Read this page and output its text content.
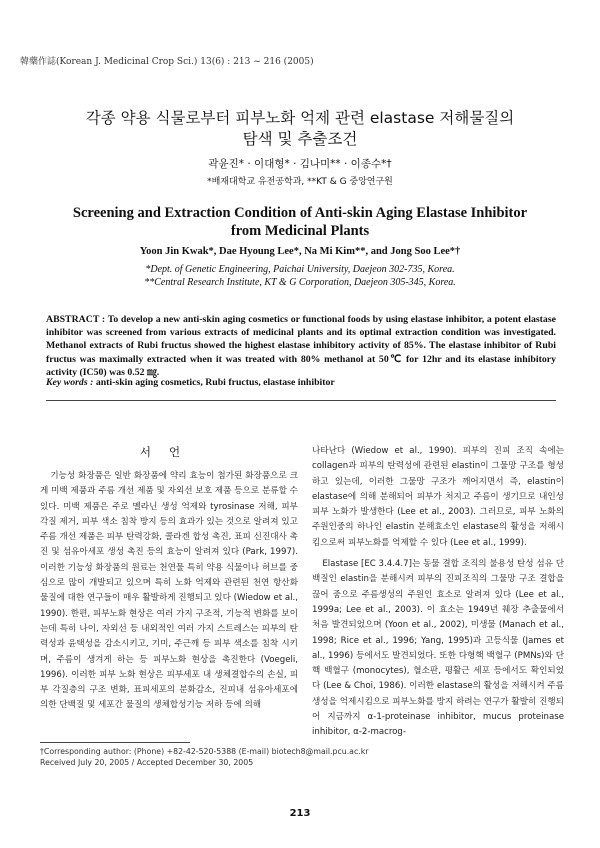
韓藥作誌(Korean J. Medicinal Crop Sci.) 13(6) : 213 ~ 216 (2005)
각종 약용 식물로부터 피부노화 억제 관련 elastase 저해물질의
탐색 및 추출조건
곽윤진* · 이대형* · 김나미** · 이종수*†
*배재대학교 유전공학과, **KT & G 중앙연구원
Screening and Extraction Condition of Anti-skin Aging Elastase Inhibitor
from Medicinal Plants
Yoon Jin Kwak*, Dae Hyoung Lee*, Na Mi Kim**, and Jong Soo Lee*†
*Dept. of Genetic Engineering, Paichai University, Daejeon 302-735, Korea.
**Central Research Institute, KT & G Corporation, Daejeon 305-345, Korea.
ABSTRACT : To develop a new anti-skin aging cosmetics or functional foods by using elastase inhibitor, a potent elastase inhibitor was screened from various extracts of medicinal plants and its optimal extraction condition was investigated. Methanol extracts of Rubi fructus showed the highest elastase inhibitory activity of 85%. The elastase inhibitor of Rubi fructus was maximally extracted when it was treated with 80% methanol at 50℃ for 12hr and its elastase inhibitory activity (IC50) was 0.52 ㎎.
Key words : anti-skin aging cosmetics, Rubi fructus, elastase inhibitor
서언

기능성 화장품은 일반 화장품에 약리 효능이 첨가된 화장품으로 크게 미백 제품과 주름 개선 제품 및 자외선 보호 제품 등으로 분류할 수 있다. 미백 제품은 주로 멜라닌 생성 억제와 tyrosinase 저해, 피부 각질 제거, 피부 색소 침착 방지 등의 효과가 있는 것으로 알려져 있고 주름 개선 제품은 피부 탄력강화, 콜라겐 합성 촉진, 표피 신진대사 촉진 및 섬유아세포 생성 촉진 등의 효능이 알려져 있다 (Park, 1997). 이러한 기능성 화장품의 원료는 천연물 특히 약용 식물이나 허브를 중심으로 많이 개발되고 있으며 특히 노화 억제와 관련된 천연 항산화 물질에 대한 연구들이 매우 활발하게 진행되고 있다 (Wiedow et al., 1990). 한편, 피부노화 현상은 여러 가지 구조적, 기능적 변화를 보이는데 특히 나이, 자외선 등 내외적인 여러 가지 스트레스는 피부의 탄력성과 윤택성을 감소시키고, 기미, 주근깨 등 피부 색소를 침착 시키며, 주름이 생겨게 하는 등 피부노화 현상을 촉진한다 (Voegeli, 1996). 이러한 피부 노화 현상은 피부세포 내 생체결합수의 손실, 피부 각질층의 구조 변화, 표피세포의 분화감소, 진피내 섬유아세포에 의한 단백질 및 세포간 물질의 생체합성기능 저하 등에 의해

나타난다 (Wiedow et al., 1990). 피부의 진피 조직 속에는 collagen과 피부의 탄력성에 관련된 elastin이 그물망 구조를 형성하고 있는데, 이러한 그물망 구조가 깨어지면서 즉, elastin이 elastase에 의해 분해되어 피부가 처지고 주름이 생기므로 내인성 피부 노화가 발생한다 (Lee et al., 2003). 그러므로, 피부 노화의 주원인중의 하나인 elastin 분해효소인 elastase의 활성을 저해시킴으로써 피부노화를 억제할 수 있다 (Lee et al., 1999).

Elastase [EC 3.4.4.7]는 동물 결합 조직의 불용성 탄성 섬유 단백질인 elastin을 분해시켜 피부의 진피조직의 그물망 구조 결합을 끊어 줌으로 주름생성의 주원인 효소로 알려져 있다 (Lee et al., 1999a; Lee et al., 2003). 이 효소는 1949년 췌장 추출물에서 처음 발견되었으며 (Yoon et al., 2002), 미생물 (Manach et al., 1998; Rice et al., 1996; Yang, 1995)과 고등식물 (James et al., 1996) 등에서도 발견되었다. 또한 다형핵 백혈구 (PMNs)와 단핵 백혈구 (monocytes), 혈소판, 평활근 세포 등에서도 확인되었다 (Lee & Choi, 1986). 이러한 elastase의 활성을 저해시켜 주름 생성을 억제시킴으로 피부노화를 방지 하려는 연구가 활발히 진행되어 지금까지 α-1-proteinase inhibitor, mucus proteinase inhibitor, α-2-macrog-

†Corresponding author: (Phone) +82-42-520-5388 (E-mail) biotech8@mail.pcu.ac.kr
Received July 20, 2005 / Accepted December 30, 2005
213
